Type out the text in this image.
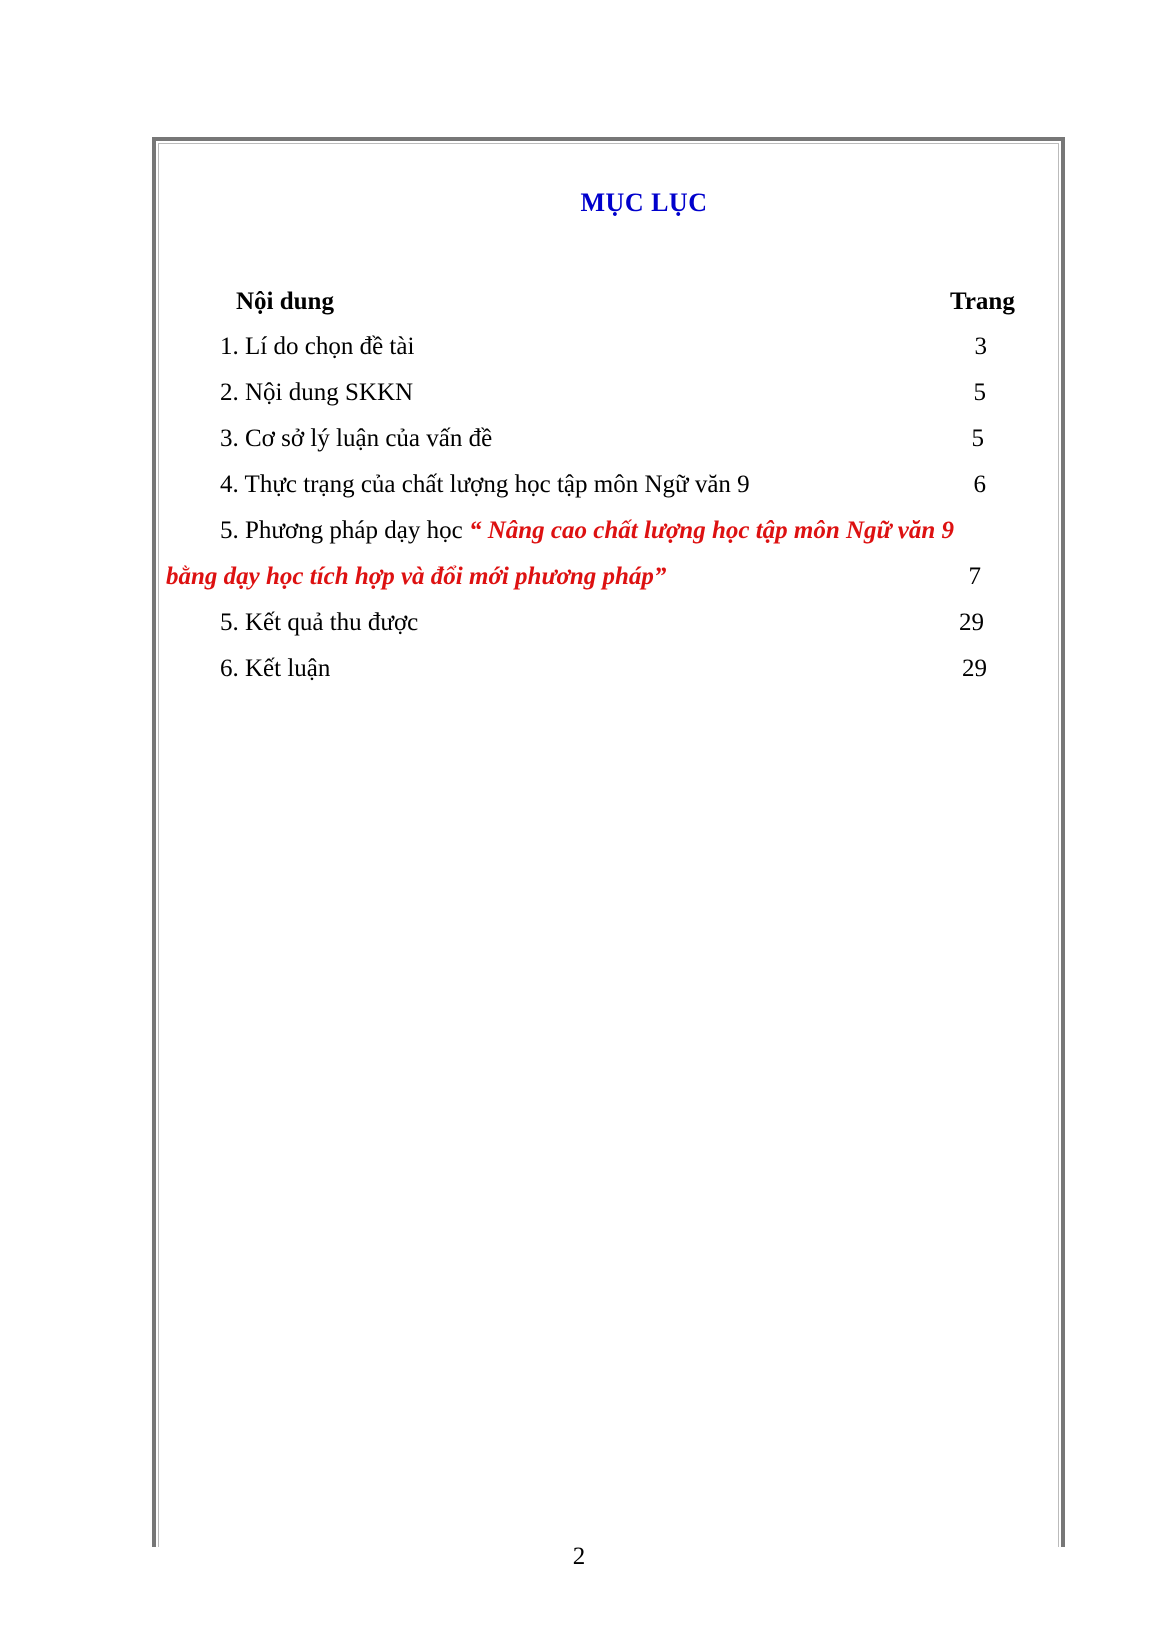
MỤC LỤC
Nội dung	Trang
1. Lí do chọn đề tài	3
2. Nội dung SKKN	5
3. Cơ sở lý luận của vấn đề	5
4. Thực trạng của chất lượng học tập môn Ngữ văn 9	6
5. Phương pháp dạy học “ Nâng cao chất lượng học tập môn Ngữ văn 9
bằng dạy học tích hợp và đổi mới phương pháp”	7
5. Kết quả thu được	29
6. Kết luận	29
2
